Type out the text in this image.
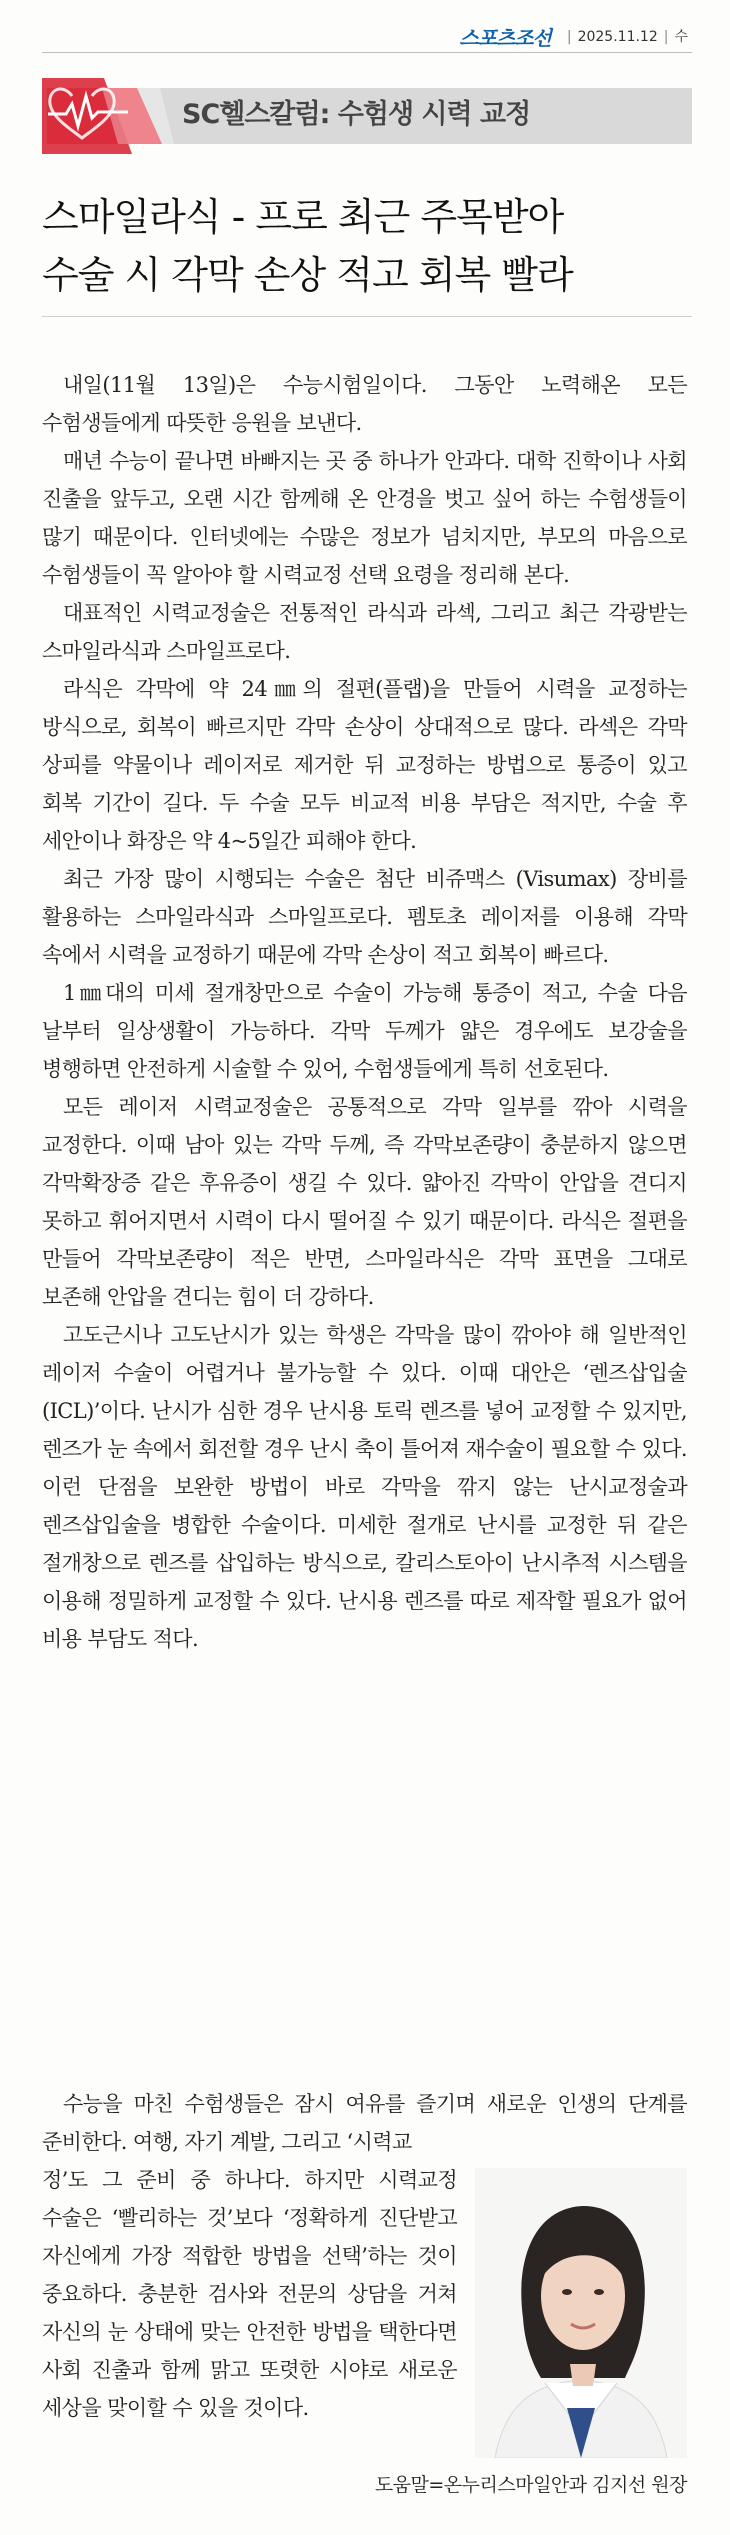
스포츠조선	| 2025.11.12 | 수
SC헬스칼럼: 수험생 시력 교정
스마일라식 - 프로 최근 주목받아
수술 시 각막 손상 적고 회복 빨라

내일(11월 13일)은 수능시험일이다. 그동안 노력해온 모든 수험생들에게 따뜻한 응원을 보낸다.

매년 수능이 끝나면 바빠지는 곳 중 하나가 안과다. 대학 진학이나 사회 진출을 앞두고, 오랜 시간 함께해 온 안경을 벗고 싶어 하는 수험생들이 많기 때문이다. 인터넷에는 수많은 정보가 넘치지만, 부모의 마음으로 수험생들이 꼭 알아야 할 시력교정 선택 요령을 정리해 본다.

대표적인 시력교정술은 전통적인 라식과 라섹, 그리고 최근 각광받는 스마일라식과 스마일프로다.

라식은 각막에 약 24㎜의 절편(플랩)을 만들어 시력을 교정하는 방식으로, 회복이 빠르지만 각막 손상이 상대적으로 많다. 라섹은 각막 상피를 약물이나 레이저로 제거한 뒤 교정하는 방법으로 통증이 있고 회복 기간이 길다. 두 수술 모두 비교적 비용 부담은 적지만, 수술 후 세안이나 화장은 약 4~5일간 피해야 한다.

최근 가장 많이 시행되는 수술은 첨단 비쥬맥스 (Visumax) 장비를 활용하는 스마일라식과 스마일프로다. 펨토초 레이저를 이용해 각막 속에서 시력을 교정하기 때문에 각막 손상이 적고 회복이 빠르다.

1㎜대의 미세 절개창만으로 수술이 가능해 통증이 적고, 수술 다음 날부터 일상생활이 가능하다. 각막 두께가 얇은 경우에도 보강술을 병행하면 안전하게 시술할 수 있어, 수험생들에게 특히 선호된다.

모든 레이저 시력교정술은 공통적으로 각막 일부를 깎아 시력을 교정한다. 이때 남아 있는 각막 두께, 즉 각막보존량이 충분하지 않으면 각막확장증 같은 후유증이 생길 수 있다. 얇아진 각막이 안압을 견디지 못하고 휘어지면서 시력이 다시 떨어질 수 있기 때문이다. 라식은 절편을 만들어 각막보존량이 적은 반면, 스마일라식은 각막 표면을 그대로 보존해 안압을 견디는 힘이 더 강하다.

고도근시나 고도난시가 있는 학생은 각막을 많이 깎아야 해 일반적인 레이저 수술이 어렵거나 불가능할 수 있다. 이때 대안은 ‘렌즈삽입술(ICL)’이다. 난시가 심한 경우 난시용 토릭 렌즈를 넣어 교정할 수 있지만, 렌즈가 눈 속에서 회전할 경우 난시 축이 틀어져 재수술이 필요할 수 있다. 이런 단점을 보완한 방법이 바로 각막을 깎지 않는 난시교정술과 렌즈삽입술을 병합한 수술이다. 미세한 절개로 난시를 교정한 뒤 같은 절개창으로 렌즈를 삽입하는 방식으로, 칼리스토아이 난시추적 시스템을 이용해 정밀하게 교정할 수 있다. 난시용 렌즈를 따로 제작할 필요가 없어 비용 부담도 적다.

수능을 마친 수험생들은 잠시 여유를 즐기며 새로운 인생의 단계를 준비한다. 여행, 자기 계발, 그리고 ‘시력교

정’도 그 준비 중 하나다. 하지만 시력교정 수술은 ‘빨리하는 것’보다 ‘정확하게 진단받고 자신에게 가장 적합한 방법을 선택’하는 것이 중요하다. 충분한 검사와 전문의 상담을 거쳐 자신의 눈 상태에 맞는 안전한 방법을 택한다면 사회 진출과 함께 맑고 또렷한 시야로 새로운 세상을 맞이할 수 있을 것이다.

도움말=온누리스마일안과 김지선 원장
